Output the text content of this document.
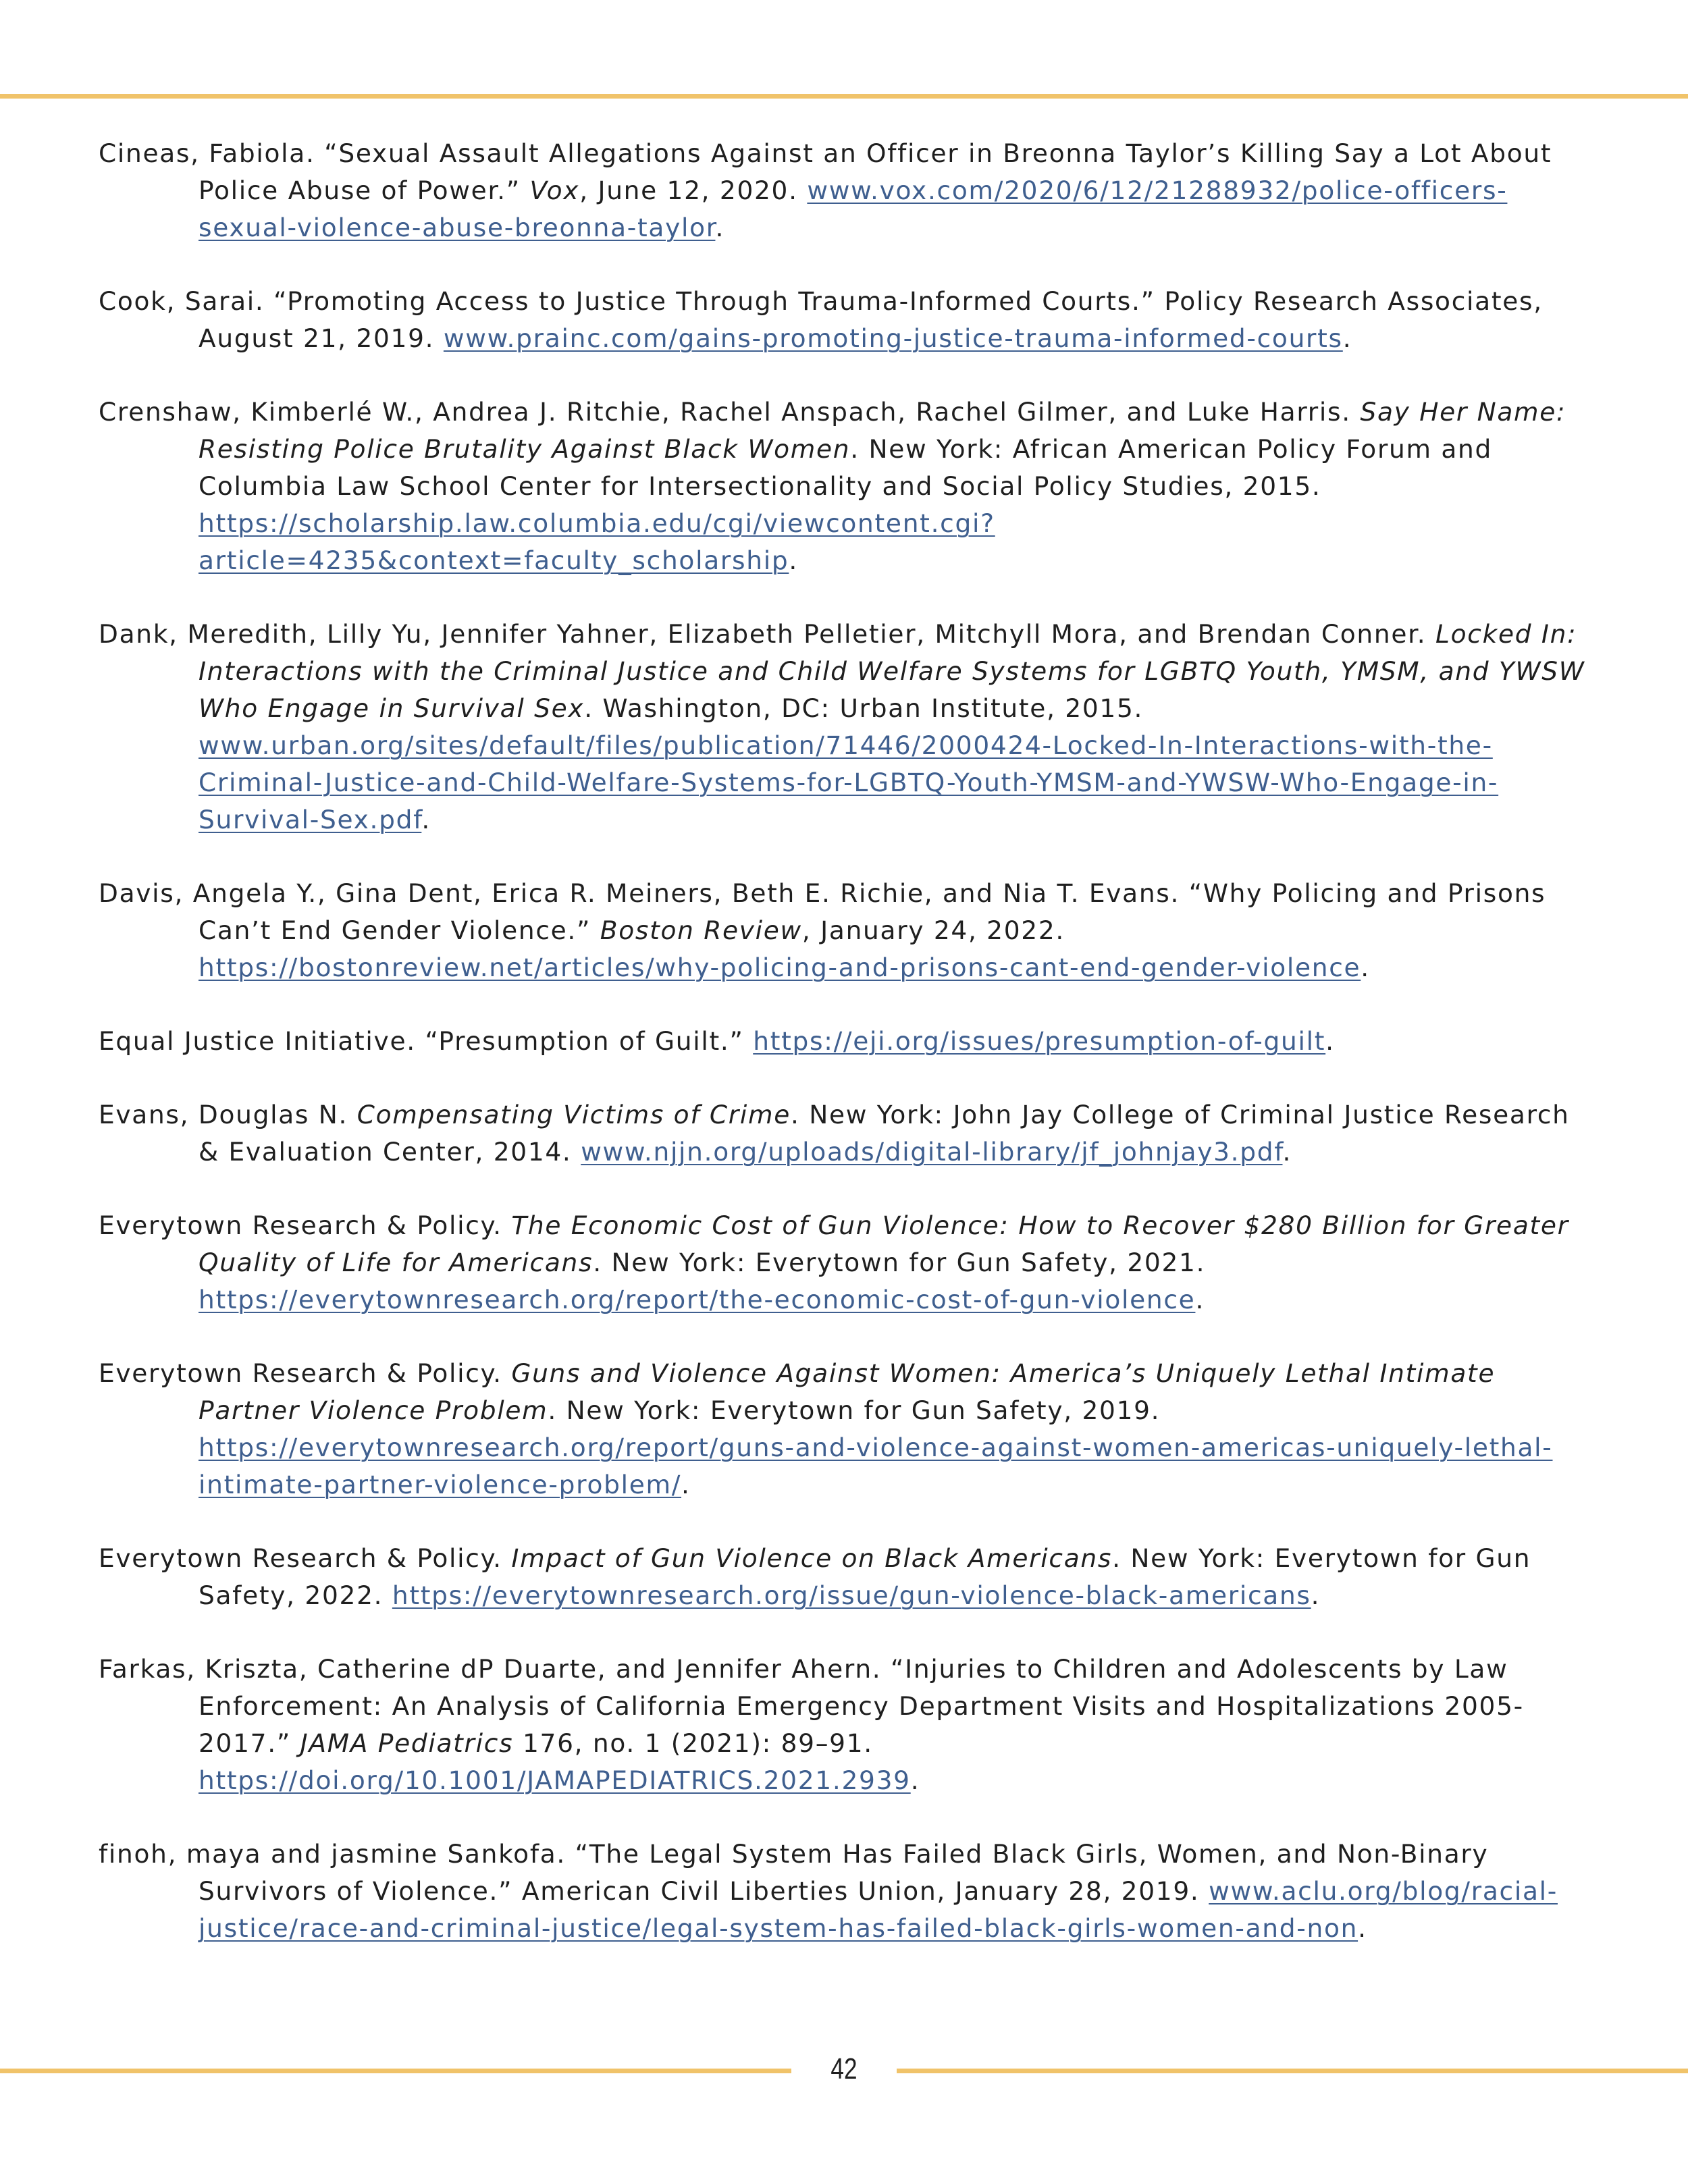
Cineas, Fabiola. “Sexual Assault Allegations Against an Officer in Breonna Taylor’s Killing Say a Lot About Police Abuse of Power.” Vox, June 12, 2020. www.vox.com/2020/6/12/21288932/police-officers-sexual-violence-abuse-breonna-taylor.

Cook, Sarai. “Promoting Access to Justice Through Trauma-Informed Courts.” Policy Research Associates, August 21, 2019. www.prainc.com/gains-promoting-justice-trauma-informed-courts.

Crenshaw, Kimberlé W., Andrea J. Ritchie, Rachel Anspach, Rachel Gilmer, and Luke Harris. Say Her Name: Resisting Police Brutality Against Black Women. New York: African American Policy Forum and Columbia Law School Center for Intersectionality and Social Policy Studies, 2015. https://scholarship.law.columbia.edu/cgi/viewcontent.cgi?article=4235&context=faculty_scholarship.

Dank, Meredith, Lilly Yu, Jennifer Yahner, Elizabeth Pelletier, Mitchyll Mora, and Brendan Conner. Locked In: Interactions with the Criminal Justice and Child Welfare Systems for LGBTQ Youth, YMSM, and YWSW Who Engage in Survival Sex. Washington, DC: Urban Institute, 2015. www.urban.org/sites/default/files/publication/71446/2000424-Locked-In-Interactions-with-the-Criminal-Justice-and-Child-Welfare-Systems-for-LGBTQ-Youth-YMSM-and-YWSW-Who-Engage-in-Survival-Sex.pdf.

Davis, Angela Y., Gina Dent, Erica R. Meiners, Beth E. Richie, and Nia T. Evans. “Why Policing and Prisons Can’t End Gender Violence.” Boston Review, January 24, 2022. https://bostonreview.net/articles/why-policing-and-prisons-cant-end-gender-violence.

Equal Justice Initiative. “Presumption of Guilt.” https://eji.org/issues/presumption-of-guilt.

Evans, Douglas N. Compensating Victims of Crime. New York: John Jay College of Criminal Justice Research & Evaluation Center, 2014. www.njjn.org/uploads/digital-library/jf_johnjay3.pdf.

Everytown Research & Policy. The Economic Cost of Gun Violence: How to Recover $280 Billion for Greater Quality of Life for Americans. New York: Everytown for Gun Safety, 2021. https://everytownresearch.org/report/the-economic-cost-of-gun-violence.

Everytown Research & Policy. Guns and Violence Against Women: America’s Uniquely Lethal Intimate Partner Violence Problem. New York: Everytown for Gun Safety, 2019. https://everytownresearch.org/report/guns-and-violence-against-women-americas-uniquely-lethal-intimate-partner-violence-problem/.

Everytown Research & Policy. Impact of Gun Violence on Black Americans. New York: Everytown for Gun Safety, 2022. https://everytownresearch.org/issue/gun-violence-black-americans.

Farkas, Kriszta, Catherine dP Duarte, and Jennifer Ahern. “Injuries to Children and Adolescents by Law Enforcement: An Analysis of California Emergency Department Visits and Hospitalizations 2005-2017.” JAMA Pediatrics 176, no. 1 (2021): 89–91. https://doi.org/10.1001/JAMAPEDIATRICS.2021.2939.

finoh, maya and jasmine Sankofa. “The Legal System Has Failed Black Girls, Women, and Non-Binary Survivors of Violence.” American Civil Liberties Union, January 28, 2019. www.aclu.org/blog/racial-justice/race-and-criminal-justice/legal-system-has-failed-black-girls-women-and-non.

42
